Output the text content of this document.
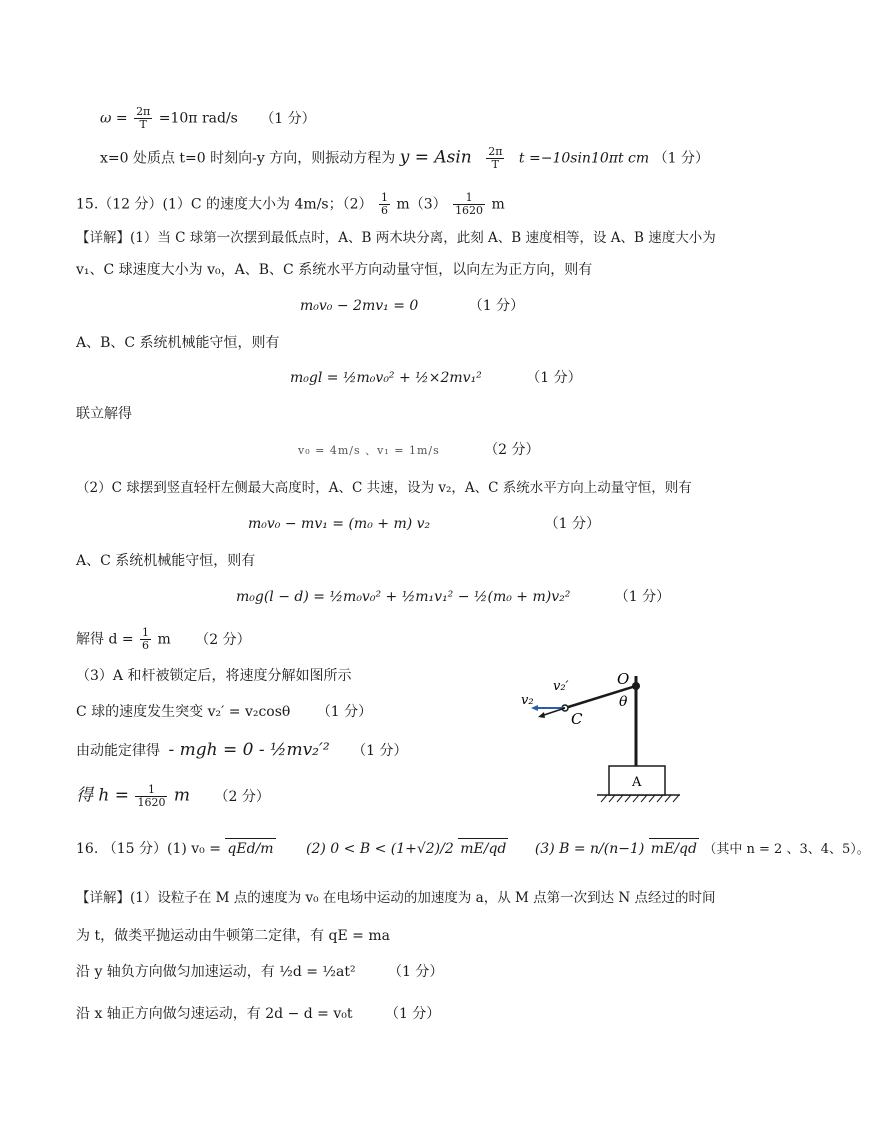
$\omega = \frac{2\pi}{T} =10\pi$ rad/s （1 分）
x=0 处质点 t=0 时刻向-y 方向，则振动方程为 y = Asin $\frac{2\pi}{T}$ t =−10sin10πt cm （1 分）
15.（12 分）(1）C 的速度大小为 4m/s；$(2) \frac{1}{6} m(3) \frac{1}{1620}$ m
【详解】(1）当 C 球第一次摆到最低点时，A、B 两木块分离，此刻 A、B 速度相等，设 A、B 速度大小为
v₁、C 球速度大小为 v₀，A、B、C 系统水平方向动量守恒，以向左为正方向，则有
m₀v₀ − 2mv₁ = 0	（1 分）
A、B、C 系统机械能守恒，则有
m₀gl = ½m₀v₀² + ½×2mv₁²	（1 分）
联立解得
v₀ = 4m/s 、v₁ = 1m/s	（2 分）
（2）C 球摆到竖直轻杆左侧最大高度时，A、C 共速，设为 v₂，A、C 系统水平方向上动量守恒，则有
m₀v₀ − mv₁ = (m₀ + m) v₂	（1 分）
A、C 系统机械能守恒，则有
m₀g(l − d) = ½m₀v₀² + ½m₁v₁² − ½(m₀ + m)v₂²	（1 分）
解得 $d = \frac{1}{6}$ m （2 分）
（3）A 和杆被锁定后，将速度分解如图所示
C 球的速度发生突变 v₂′ = v₂cosθ （1 分）
由动能定律得 - mgh = 0 - ½mv₂′² （1 分）
得 $h = \frac{1}{1620}$ m （2 分）
16. （15 分）(1) v₀ = qEd/m (2) 0 < B < (1+√2)/2 mE/qd (3) B = n/(n−1) mE/qd （其中 n = 2 、3、4、5）。
【详解】(1）设粒子在 M 点的速度为 v₀ 在电场中运动的加速度为 a，从 M 点第一次到达 N 点经过的时间
为 t，做类平抛运动由牛顿第二定律，有 qE = ma
沿 y 轴负方向做匀加速运动，有 ½d = ½at² （1 分）
沿 x 轴正方向做匀速运动，有 2d − d = v₀t （1 分）
A
O
θ
C
v₂
v₂′
